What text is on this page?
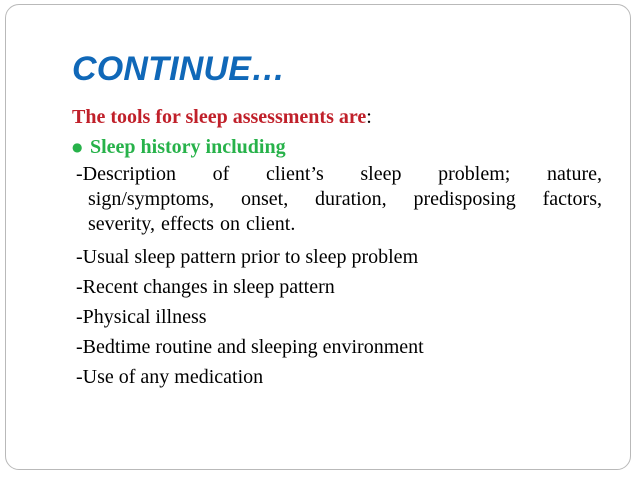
CONTINUE…

The tools for sleep assessments are:

● Sleep history including

-Description of client’s sleep problem; nature,
sign/symptoms, onset, duration, predisposing factors,
severity, effects on client.

-Usual sleep pattern prior to sleep problem

-Recent changes in sleep pattern

-Physical illness

-Bedtime routine and sleeping environment

-Use of any medication
